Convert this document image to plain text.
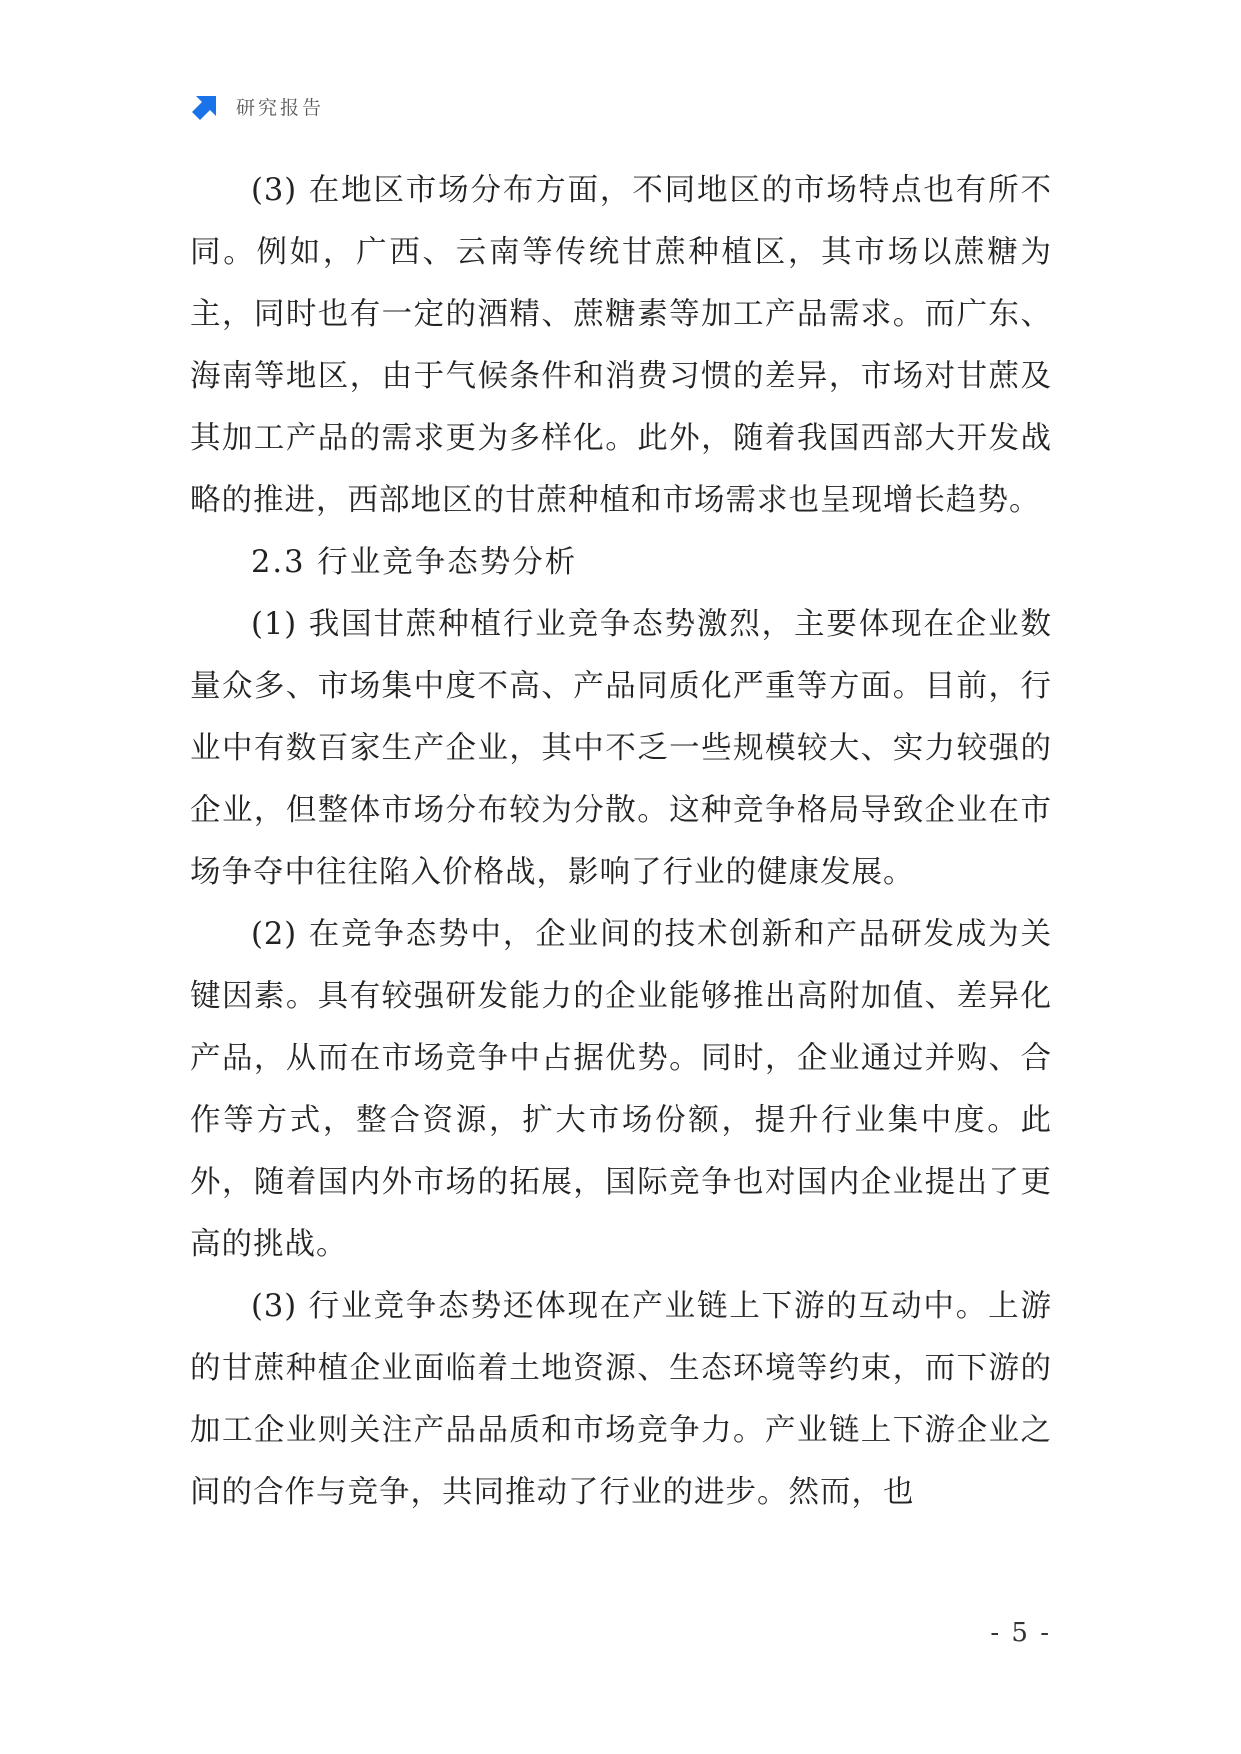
研究报告

(3) 在地区市场分布方面，不同地区的市场特点也有所不同。例如，广西、云南等传统甘蔗种植区，其市场以蔗糖为主，同时也有一定的酒精、蔗糖素等加工产品需求。而广东、海南等地区，由于气候条件和消费习惯的差异，市场对甘蔗及其加工产品的需求更为多样化。此外，随着我国西部大开发战略的推进，西部地区的甘蔗种植和市场需求也呈现增长趋势。

2.3 行业竞争态势分析

(1) 我国甘蔗种植行业竞争态势激烈，主要体现在企业数量众多、市场集中度不高、产品同质化严重等方面。目前，行业中有数百家生产企业，其中不乏一些规模较大、实力较强的企业，但整体市场分布较为分散。这种竞争格局导致企业在市场争夺中往往陷入价格战，影响了行业的健康发展。

(2) 在竞争态势中，企业间的技术创新和产品研发成为关键因素。具有较强研发能力的企业能够推出高附加值、差异化产品，从而在市场竞争中占据优势。同时，企业通过并购、合作等方式，整合资源，扩大市场份额，提升行业集中度。此外，随着国内外市场的拓展，国际竞争也对国内企业提出了更高的挑战。

(3) 行业竞争态势还体现在产业链上下游的互动中。上游的甘蔗种植企业面临着土地资源、生态环境等约束，而下游的加工企业则关注产品品质和市场竞争力。产业链上下游企业之间的合作与竞争，共同推动了行业的进步。然而，也

- 5 -
